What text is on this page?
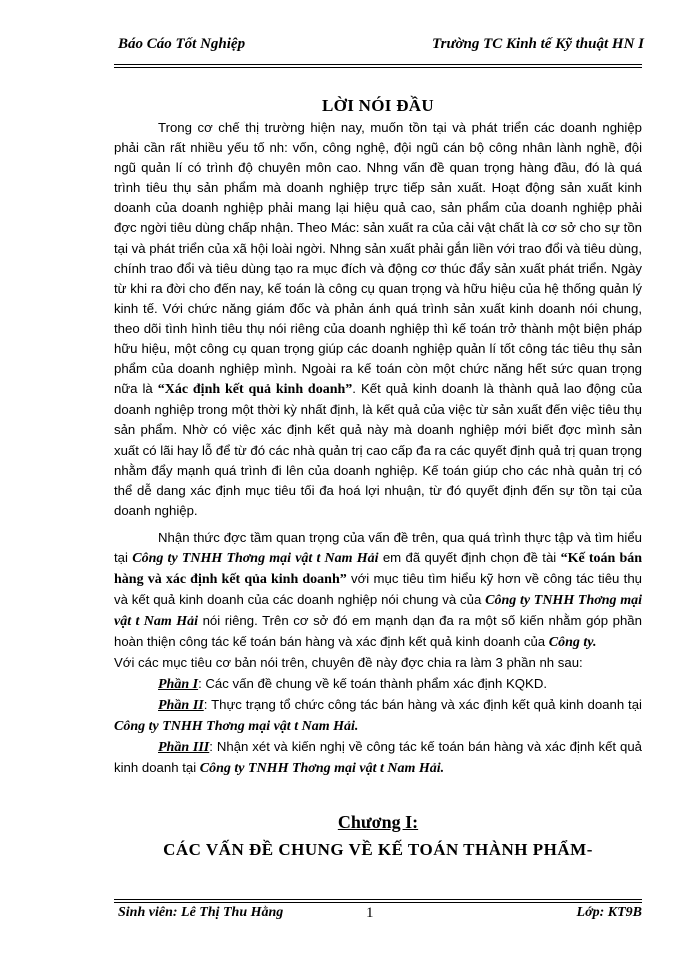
Báo Cáo Tốt Nghiệp	Trường TC Kinh tế Kỹ thuật HN I
LỜI NÓI ĐẦU

Trong cơ chế thị trường hiện nay, muốn tồn tại và phát triển các doanh nghiệp phải cần rất nhiều yếu tố nh: vốn, công nghệ, đội ngũ cán bộ công nhân lành nghề, đội ngũ quản lí có trình độ chuyên môn cao. Nhng vấn đề quan trọng hàng đầu, đó là quá trình tiêu thụ sản phẩm mà doanh nghiệp trực tiếp sản xuất. Hoạt động sản xuất kinh doanh của doanh nghiệp phải mang lại hiệu quả cao, sản phẩm của doanh nghiệp phải đợc ngời tiêu dùng chấp nhận. Theo Mác: sản xuất ra của cải vật chất là cơ sở cho sự tồn tại và phát triển của xã hội loài ngời. Nhng sản xuất phải gắn liền với trao đổi và tiêu dùng, chính trao đổi và tiêu dùng tạo ra mục đích và động cơ thúc đẩy sản xuất phát triển. Ngày từ khi ra đời cho đến nay, kế toán là công cụ quan trọng và hữu hiệu của hệ thống quản lý kinh tế. Với chức năng giám đốc và phản ánh quá trình sản xuất kinh doanh nói chung, theo dõi tình hình tiêu thụ nói riêng của doanh nghiệp thì kế toán trở thành một biện pháp hữu hiệu, một công cụ quan trọng giúp các doanh nghiệp quản lí tốt công tác tiêu thụ sản phẩm của doanh nghiệp mình. Ngoài ra kế toán còn một chức năng hết sức quan trọng nữa là “Xác định kết quả kinh doanh”. Kết quả kinh doanh là thành quả lao động của doanh nghiệp trong một thời kỳ nhất định, là kết quả của việc từ sản xuất đến việc tiêu thụ sản phẩm. Nhờ có việc xác định kết quả này mà doanh nghiệp mới biết đợc mình sản xuất có lãi hay lỗ để từ đó các nhà quản trị cao cấp đa ra các quyết định quả trị quan trọng nhằm đẩy mạnh quá trình đi lên của doanh nghiệp. Kế toán giúp cho các nhà quản trị có thể dễ dang xác định mục tiêu tối đa hoá lợi nhuận, từ đó quyết định đến sự tồn tại của doanh nghiệp.

Nhận thức đợc tầm quan trọng của vấn đề trên, qua quá trình thực tập và tìm hiểu tại Công ty TNHH Thơng mại vật t Nam Hải em đã quyết định chọn đề tài “Kế toán bán hàng và xác định kết qủa kinh doanh” với mục tiêu tìm hiểu kỹ hơn về công tác tiêu thụ và kết quả kinh doanh của các doanh nghiệp nói chung và của Công ty TNHH Thơng mại vật t Nam Hải nói riêng. Trên cơ sở đó em mạnh dạn đa ra một số kiến nhằm góp phần hoàn thiện công tác kế toán bán hàng và xác định kết quả kinh doanh của Công ty.

Với các mục tiêu cơ bản nói trên, chuyên đề này đợc chia ra làm 3 phần nh sau:

Phần I: Các vấn đề chung về kế toán thành phẩm xác định KQKD.

Phần II: Thực trạng tổ chức công tác bán hàng và xác định kết quả kinh doanh tại Công ty TNHH Thơng mại vật t Nam Hải.

Phần III: Nhận xét và kiến nghị về công tác kế toán bán hàng và xác định kết quả kinh doanh tại Công ty TNHH Thơng mại vật t Nam Hải.

Chương I:
CÁC VẤN ĐỀ CHUNG VỀ KẾ TOÁN THÀNH PHẨM-
Sinh viên: Lê Thị Thu Hằng	1	Lớp: KT9B
